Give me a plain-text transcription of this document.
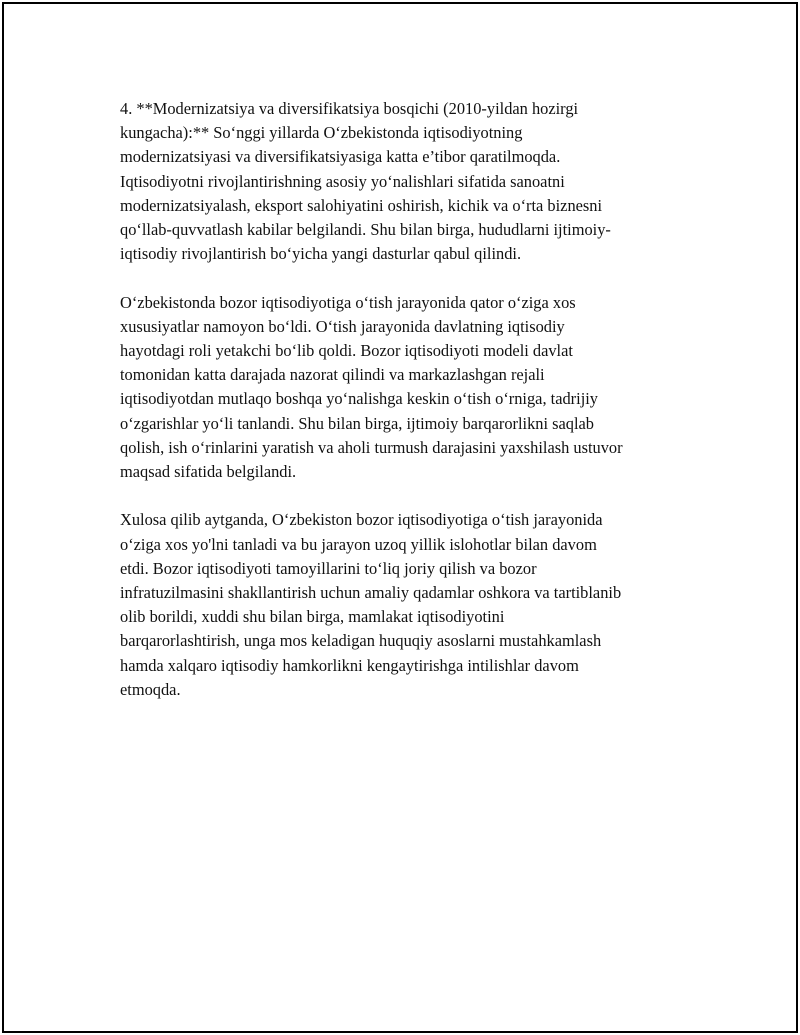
4. **Modernizatsiya va diversifikatsiya bosqichi (2010-yildan hozirgi
kungacha):** So‘nggi yillarda O‘zbekistonda iqtisodiyotning
modernizatsiyasi va diversifikatsiyasiga katta e’tibor qaratilmoqda.
Iqtisodiyotni rivojlantirishning asosiy yo‘nalishlari sifatida sanoatni
modernizatsiyalash, eksport salohiyatini oshirish, kichik va o‘rta biznesni
qo‘llab-quvvatlash kabilar belgilandi. Shu bilan birga, hududlarni ijtimoiy-
iqtisodiy rivojlantirish bo‘yicha yangi dasturlar qabul qilindi.

O‘zbekistonda bozor iqtisodiyotiga o‘tish jarayonida qator o‘ziga xos
xususiyatlar namoyon bo‘ldi. O‘tish jarayonida davlatning iqtisodiy
hayotdagi roli yetakchi bo‘lib qoldi. Bozor iqtisodiyoti modeli davlat
tomonidan katta darajada nazorat qilindi va markazlashgan rejali
iqtisodiyotdan mutlaqo boshqa yo‘nalishga keskin o‘tish o‘rniga, tadrijiy
o‘zgarishlar yo‘li tanlandi. Shu bilan birga, ijtimoiy barqarorlikni saqlab
qolish, ish o‘rinlarini yaratish va aholi turmush darajasini yaxshilash ustuvor
maqsad sifatida belgilandi.

Xulosa qilib aytganda, O‘zbekiston bozor iqtisodiyotiga o‘tish jarayonida
o‘ziga xos yo'lni tanladi va bu jarayon uzoq yillik islohotlar bilan davom
etdi. Bozor iqtisodiyoti tamoyillarini to‘liq joriy qilish va bozor
infratuzilmasini shakllantirish uchun amaliy qadamlar oshkora va tartiblanib
olib borildi, xuddi shu bilan birga, mamlakat iqtisodiyotini
barqarorlashtirish, unga mos keladigan huquqiy asoslarni mustahkamlash
hamda xalqaro iqtisodiy hamkorlikni kengaytirishga intilishlar davom
etmoqda.
